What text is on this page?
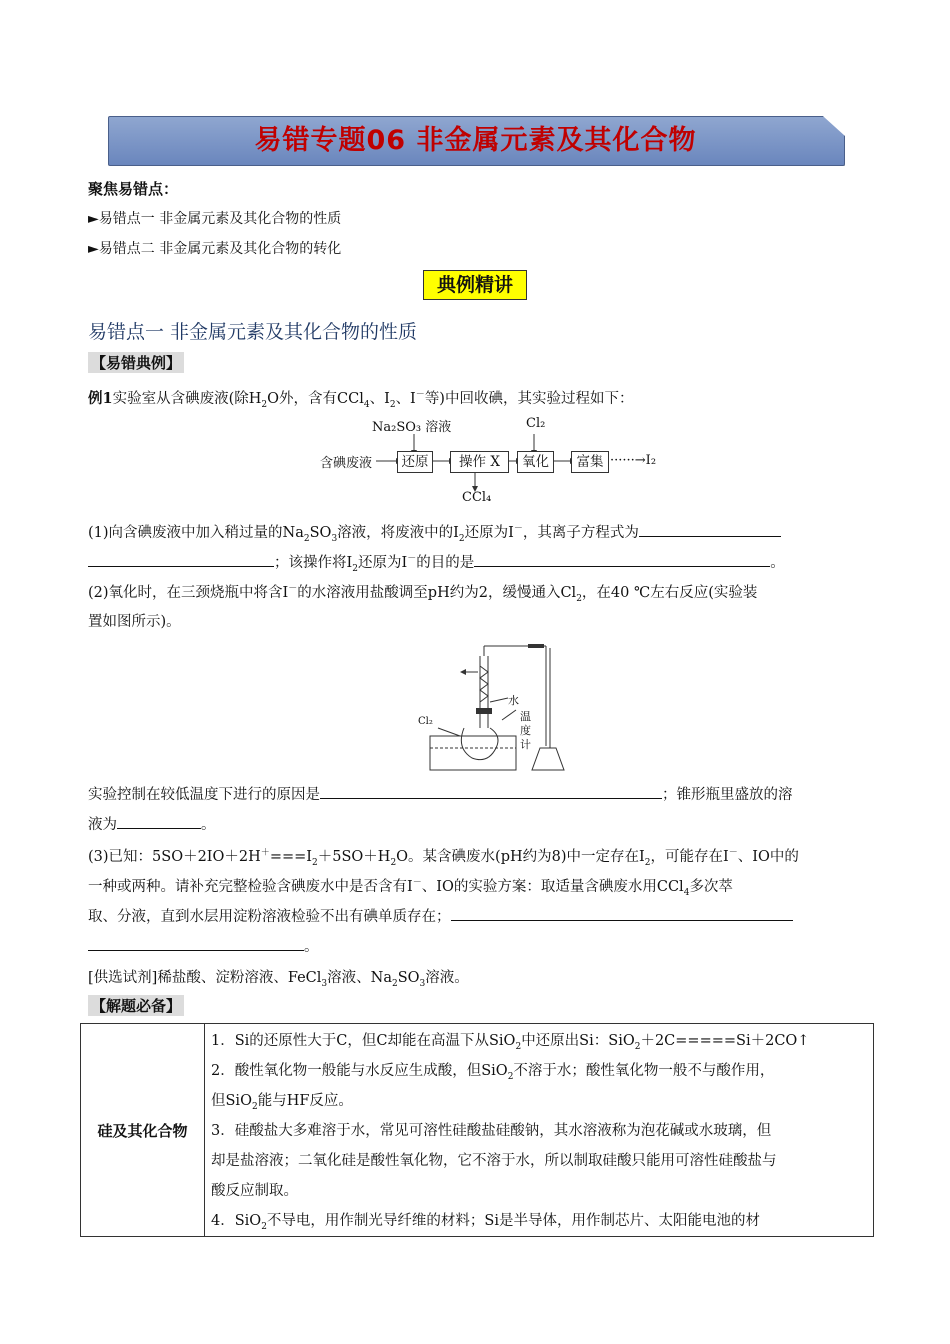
易错专题06 非金属元素及其化合物
聚焦易错点：
►易错点一 非金属元素及其化合物的性质
►易错点二 非金属元素及其化合物的转化
典例精讲
易错点一 非金属元素及其化合物的性质
【易错典例】
例1实验室从含碘废液(除$H_2O$外，含有CCl$_4$、$I_2$、I－等)中回收碘，其实验过程如下：
含碘废液	还原	操作 X	氧化	富集 ······→I₂
Na₂SO₃ 溶液	Cl₂
CCl₄
(1)向含碘废液中加入稍过量的$Na_2SO_3$溶液，将废液中的$I_2$还原为I－，其离子方程式为
；该操作将$I_2$还原为I－的目的是	。
(2)氧化时，在三颈烧瓶中将含I－的水溶液用盐酸调至pH约为2，缓慢通入$Cl_2$，在40 ℃左右反应(实验装
置如图所示)。
水
温
度
计
Cl₂
实验控制在较低温度下进行的原因是	；锥形瓶里盛放的溶
液为	。
(3)已知：$5SO+2IO+2H^+===I_2+5SO+H_2O$。某含碘废水(pH约为8)中一定存在$I_2$，可能存在I－、IO中的
一种或两种。请补充完整检验含碘废水中是否含有I－、IO的实验方案：取适量含碘废水用CCl$_4$多次萃
取、分液，直到水层用淀粉溶液检验不出有碘单质存在；
。
[供选试剂]稀盐酸、淀粉溶液、FeCl$_3$溶液、$Na_2SO_3$溶液。
【解题必备】
硅及其化合物	
1．Si的还原性大于C，但C却能在高温下从SiO$_2$中还原出Si：SiO$_2$＋2C=====Si＋2CO↑
2．酸性氧化物一般能与水反应生成酸，但SiO$_2$不溶于水；酸性氧化物一般不与酸作用，
但SiO$_2$能与HF反应。
3．硅酸盐大多难溶于水，常见可溶性硅酸盐硅酸钠，其水溶液称为泡花碱或水玻璃，但
却是盐溶液；二氧化硅是酸性氧化物，它不溶于水，所以制取硅酸只能用可溶性硅酸盐与
酸反应制取。
4．SiO$_2$不导电，用作制光导纤维的材料；Si是半导体，用作制芯片、太阳能电池的材
